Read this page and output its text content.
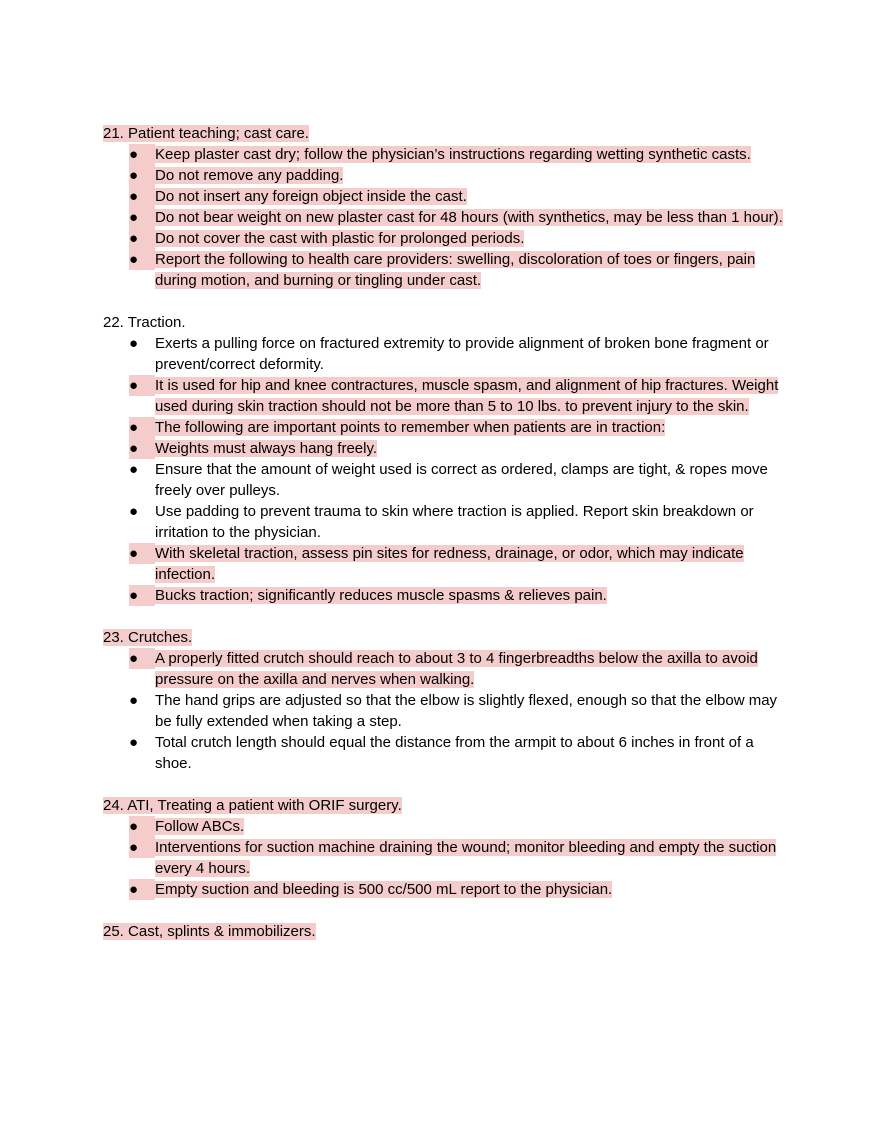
21. Patient teaching; cast care.
●	Keep plaster cast dry; follow the physician’s instructions regarding wetting synthetic casts.
●	Do not remove any padding.
●	Do not insert any foreign object inside the cast.
●	Do not bear weight on new plaster cast for 48 hours (with synthetics, may be less than 1 hour).
●	Do not cover the cast with plastic for prolonged periods.
●	Report the following to health care providers: swelling, discoloration of toes or fingers, pain during motion, and burning or tingling under cast.
22. Traction.
●	Exerts a pulling force on fractured extremity to provide alignment of broken bone fragment or prevent/correct deformity.
●	It is used for hip and knee contractures, muscle spasm, and alignment of hip fractures. Weight used during skin traction should not be more than 5 to 10 lbs. to prevent injury to the skin.
●	The following are important points to remember when patients are in traction:
●	Weights must always hang freely.
●	Ensure that the amount of weight used is correct as ordered, clamps are tight, & ropes move freely over pulleys.
●	Use padding to prevent trauma to skin where traction is applied. Report skin breakdown or irritation to the physician.
●	With skeletal traction, assess pin sites for redness, drainage, or odor, which may indicate infection.
●	Bucks traction; significantly reduces muscle spasms & relieves pain.
23. Crutches.
●	A properly fitted crutch should reach to about 3 to 4 fingerbreadths below the axilla to avoid pressure on the axilla and nerves when walking.
●	The hand grips are adjusted so that the elbow is slightly flexed, enough so that the elbow may be fully extended when taking a step.
●	Total crutch length should equal the distance from the armpit to about 6 inches in front of a shoe.
24. ATI, Treating a patient with ORIF surgery.
●	Follow ABCs.
●	Interventions for suction machine draining the wound; monitor bleeding and empty the suction every 4 hours.
●	Empty suction and bleeding is 500 cc/500 mL report to the physician.
25. Cast, splints & immobilizers.
